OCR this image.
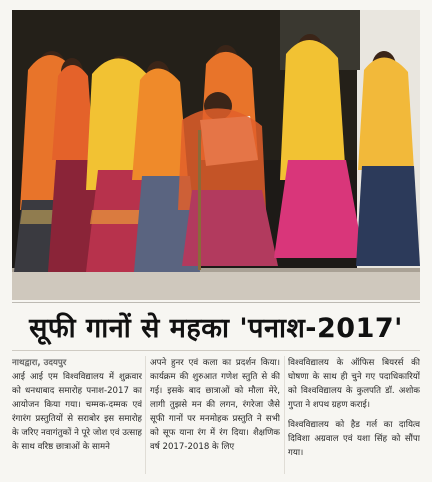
सूफी गानों से महका 'पनाश-2017'
नाथद्वारा, उदयपुर
आई आई एम विश्वविद्यालय में शुक्रवार को धनधाबाद समारोह पनाश-2017 का आयोजन किया गया। चम्मक-दम्मक एवं रंगारंग प्रस्तुतियों से सराबोर इस समारोह के जरिए नवागंतुकों ने पूरे जोश एवं उत्साह के साथ वरिष्ठ छात्राओं के सामने
अपने हुनर एवं कला का प्रदर्शन किया। कार्यक्रम की शुरुआत गणेश स्तुति से की गई। इसके बाद छात्राओं को मौला मेरे, लागी तुझसे मन की लगन, रंगरेजा जैसे सूफी गानों पर मनमोहक प्रस्तुति ने सभी को सूफ याना रंग में रंग दिया। शैक्षणिक वर्ष 2017-2018 के लिए
विश्वविद्यालय के ऑफिस बियरर्स की घोषणा के साथ ही चुने गए पदाधिकारियों को विश्वविद्यालय के कुलपति डॉ. अशोक गुप्ता ने शपथ ग्रहण कराई।
विश्वविद्यालय को हैड गर्ल का दायित्व दिविशा अग्रवाल एवं यशा सिंह को सौंपा गया।
